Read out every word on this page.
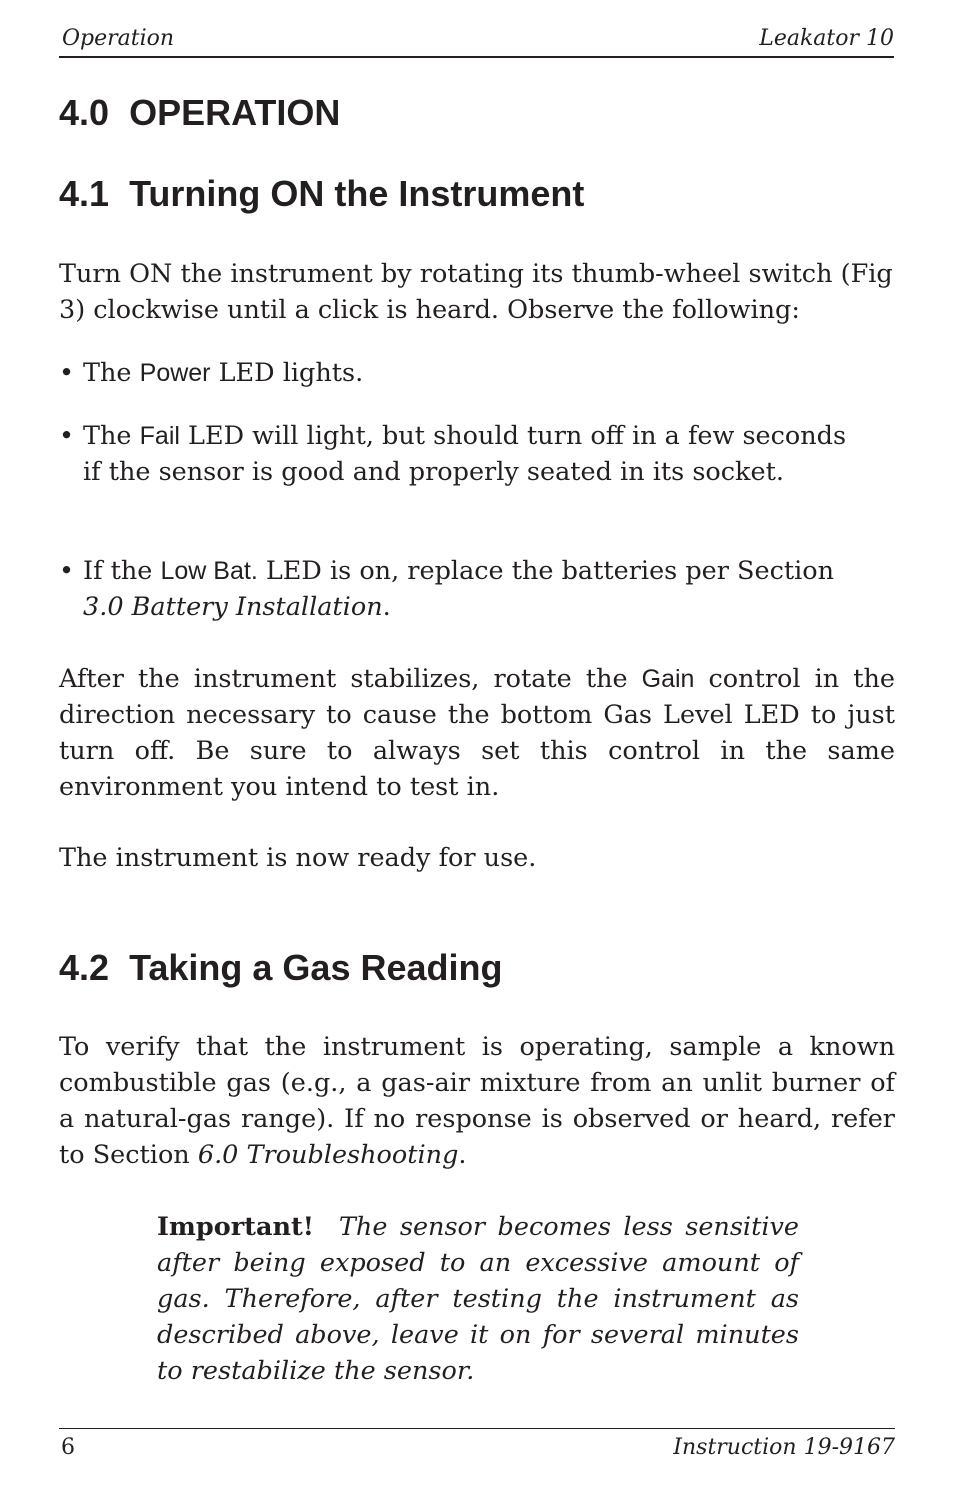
Operation	Leakator 10
4.0 OPERATION
4.1 Turning ON the Instrument

Turn ON the instrument by rotating its thumb-wheel switch (Fig 3) clockwise until a click is heard. Observe the following:

• The Power LED lights.
• The Fail LED will light, but should turn off in a few seconds if the sensor is good and properly seated in its socket.
• If the Low Bat. LED is on, replace the batteries per Section 3.0 Battery Installation.

After the instrument stabilizes, rotate the Gain control in the direction necessary to cause the bottom Gas Level LED to just turn off. Be sure to always set this control in the same environment you intend to test in.

The instrument is now ready for use.

4.2 Taking a Gas Reading

To verify that the instrument is operating, sample a known combustible gas (e.g., a gas-air mixture from an unlit burner of a natural-gas range). If no response is observed or heard, refer to Section 6.0 Troubleshooting.

Important! The sensor becomes less sensitive after being exposed to an excessive amount of gas. Therefore, after testing the instrument as described above, leave it on for several minutes to restabilize the sensor.
6	Instruction 19-9167
